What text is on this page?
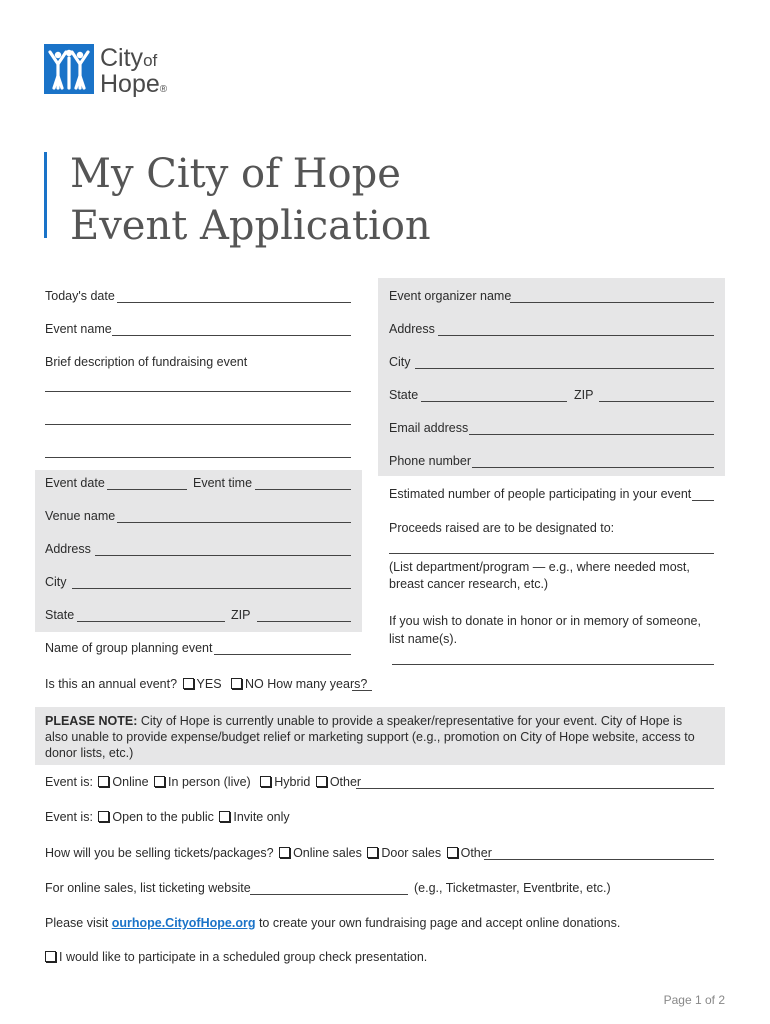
Cityof
Hope®
My City of Hope
Event Application
Today's date
Event name
Brief description of fundraising event
Event date	Event time
Venue name
Address
City
State	ZIP
Name of group planning event
Event organizer name
Address
City
State	ZIP
Email address
Phone number
Estimated number of people participating in your event
Proceeds raised are to be designated to:
(List department/program — e.g., where needed most, breast cancer research, etc.)
If you wish to donate in honor or in memory of someone, list name(s).
Is this an annual event? YES NO How many years?
PLEASE NOTE: City of Hope is currently unable to provide a speaker/representative for your event. City of Hope is also unable to provide expense/budget relief or marketing support (e.g., promotion on City of Hope website, access to donor lists, etc.)
Event is: Online In person (live) Hybrid Other
Event is: Open to the public Invite only
How will you be selling tickets/packages? Online sales Door sales Other
For online sales, list ticketing website	(e.g., Ticketmaster, Eventbrite, etc.)
Please visit ourhope.CityofHope.org to create your own fundraising page and accept online donations.
I would like to participate in a scheduled group check presentation.
Page 1 of 2
